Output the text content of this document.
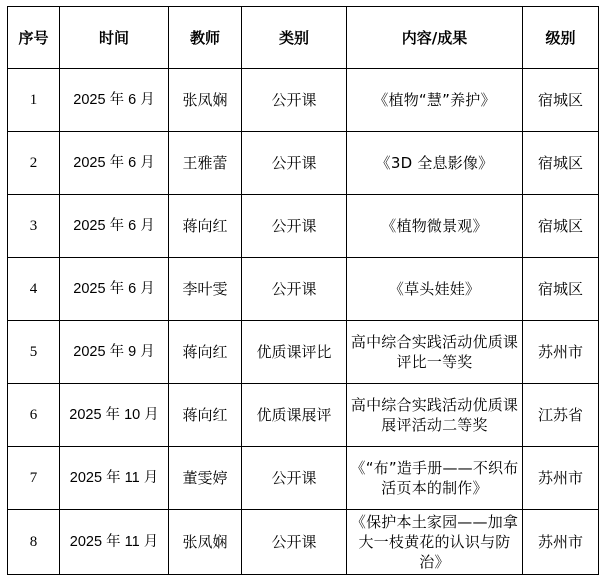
序号	时间	教师	类别	内容/成果	级别
1	2025 年 6 月	张凤娴	公开课	《植物“慧”养护》	宿城区
2	2025 年 6 月	王雅蕾	公开课	《3D 全息影像》	宿城区
3	2025 年 6 月	蒋向红	公开课	《植物微景观》	宿城区
4	2025 年 6 月	李叶雯	公开课	《草头娃娃》	宿城区
5	2025 年 9 月	蒋向红	优质课评比	高中综合实践活动优质课评比一等奖	苏州市
6	2025 年 10 月	蒋向红	优质课展评	高中综合实践活动优质课展评活动二等奖	江苏省
7	2025 年 11 月	董雯婷	公开课	《“布”造手册——不织布活页本的制作》	苏州市
8	2025 年 11 月	张凤娴	公开课	《保护本土家园——加拿大一枝黄花的认识与防治》	苏州市
